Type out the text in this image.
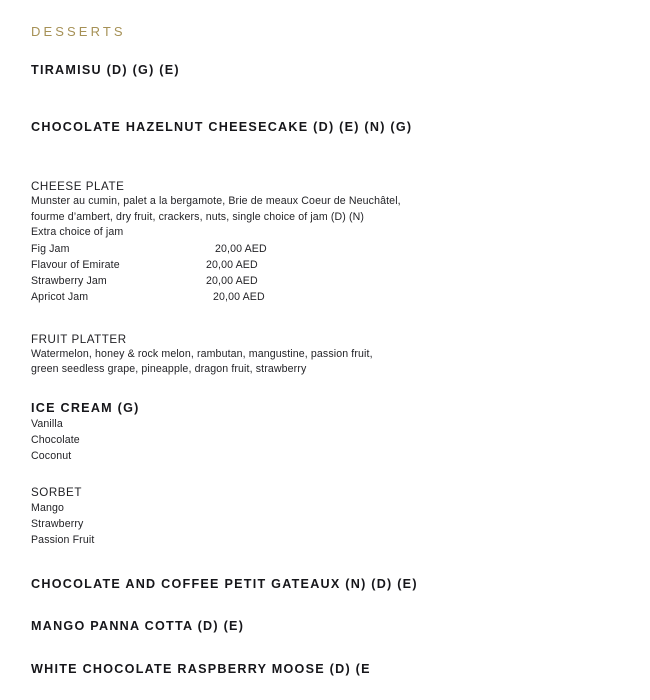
DESSERTS
TIRAMISU (D) (G) (E)
CHOCOLATE HAZELNUT CHEESECAKE (D) (E) (N) (G)
CHEESE PLATE
Munster au cumin, palet a la bergamote, Brie de meaux Coeur de Neuchâtel,
fourme d’ambert, dry fruit, crackers, nuts, single choice of jam (D) (N)
Extra choice of jam
Fig Jam	20,00 AED
Flavour of Emirate	20,00 AED
Strawberry Jam	20,00 AED
Apricot Jam	20,00 AED
FRUIT PLATTER
Watermelon, honey & rock melon, rambutan, mangustine, passion fruit,
green seedless grape, pineapple, dragon fruit, strawberry
ICE CREAM (G)
Vanilla
Chocolate
Coconut
SORBET
Mango
Strawberry
Passion Fruit
CHOCOLATE AND COFFEE PETIT GATEAUX (N) (D) (E)
MANGO PANNA COTTA (D) (E)
WHITE CHOCOLATE RASPBERRY MOOSE (D) (E
